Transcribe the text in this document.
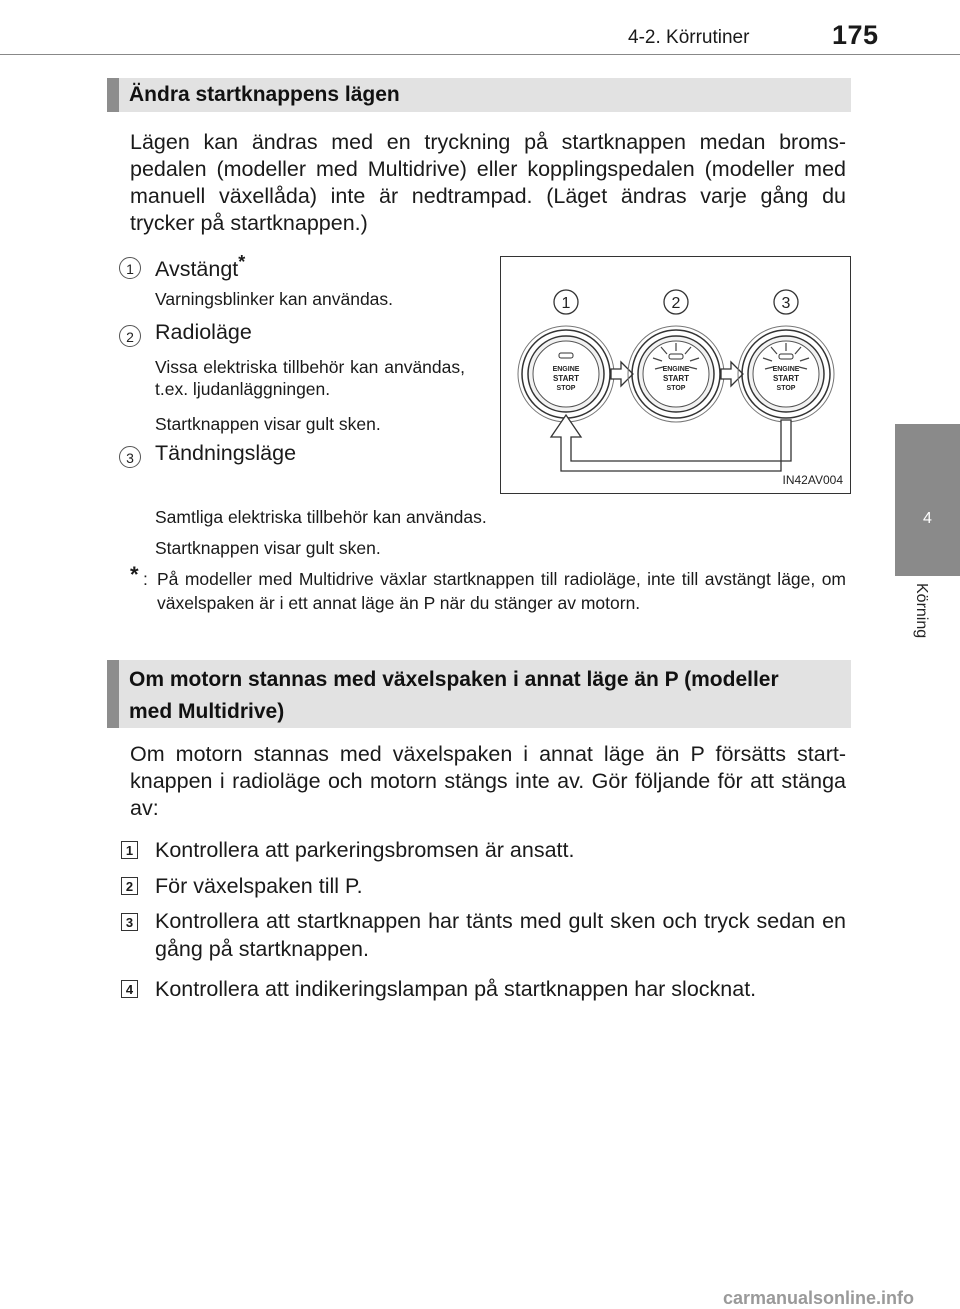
4-2. Körrutiner	175
4
Körning
Ändra startknappens lägen
Lägen kan ändras med en tryckning på startknappen medan broms-pedalen (modeller med Multidrive) eller kopplingspedalen (modeller med manuell växellåda) inte är nedtrampad. (Läget ändras varje gång du trycker på startknappen.)
1 Avstängt*
Varningsblinker kan användas.
2 Radioläge
Vissa elektriska tillbehör kan användas, t.ex. ljudanläggningen.
Startknappen visar gult sken.
3 Tändningsläge
Samtliga elektriska tillbehör kan användas.
Startknappen visar gult sken.
1	2	3
ENGINE
START
STOP
ENGINE
START
STOP
ENGINE
START
STOP
IN42AV004
* : På modeller med Multidrive växlar startknappen till radioläge, inte till avstängt läge, om växelspaken är i ett annat läge än P när du stänger av motorn.
Om motorn stannas med växelspaken i annat läge än P (modeller
med Multidrive)
Om motorn stannas med växelspaken i annat läge än P försätts start-knappen i radioläge och motorn stängs inte av. Gör följande för att stänga av:
1 Kontrollera att parkeringsbromsen är ansatt.
2 För växelspaken till P.
3 Kontrollera att startknappen har tänts med gult sken och tryck sedan en gång på startknappen.
4 Kontrollera att indikeringslampan på startknappen har slocknat.
carmanualsonline.info
